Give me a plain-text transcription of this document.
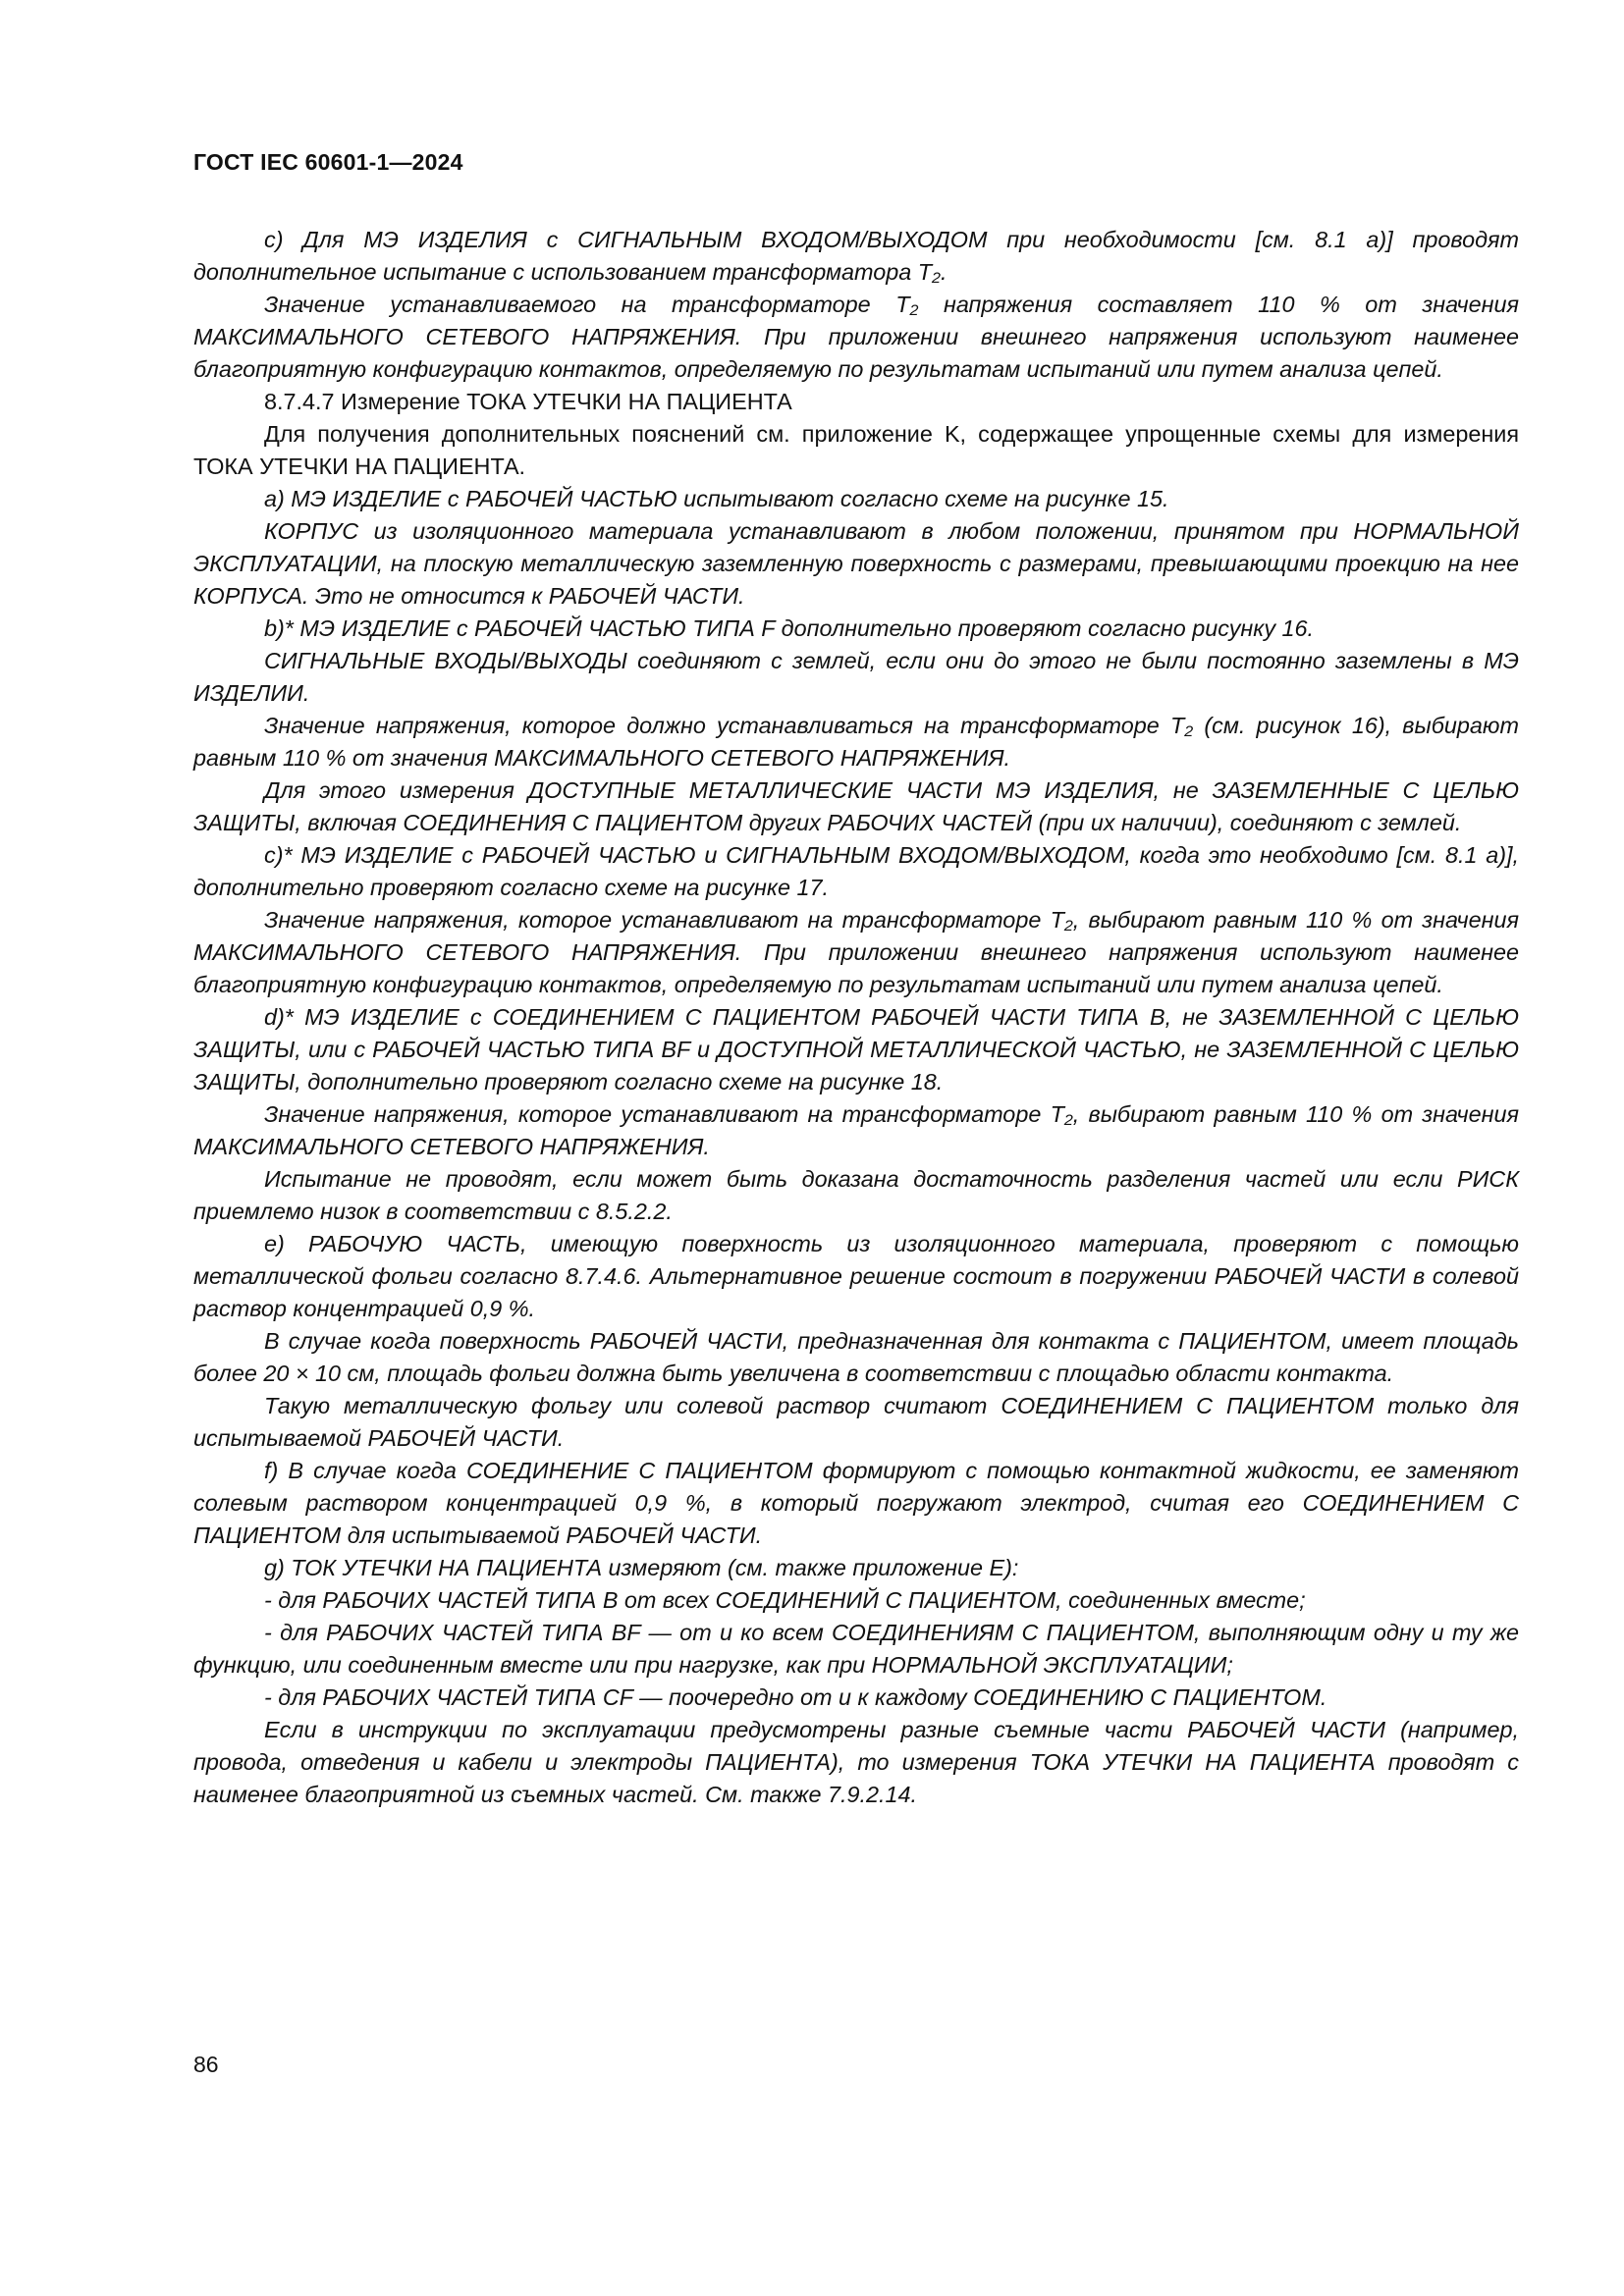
ГОСТ IEC 60601-1—2024

c) Для МЭ ИЗДЕЛИЯ с СИГНАЛЬНЫМ ВХОДОМ/ВЫХОДОМ при необходимости [см. 8.1 a)] проводят дополнительное испытание с использованием трансформатора T₂.

Значение устанавливаемого на трансформаторе T₂ напряжения составляет 110 % от значения МАКСИМАЛЬНОГО СЕТЕВОГО НАПРЯЖЕНИЯ. При приложении внешнего напряжения используют наименее благоприятную конфигурацию контактов, определяемую по результатам испытаний или путем анализа цепей.

8.7.4.7 Измерение ТОКА УТЕЧКИ НА ПАЦИЕНТА

Для получения дополнительных пояснений см. приложение K, содержащее упрощенные схемы для измерения ТОКА УТЕЧКИ НА ПАЦИЕНТА.

a) МЭ ИЗДЕЛИЕ с РАБОЧЕЙ ЧАСТЬЮ испытывают согласно схеме на рисунке 15.

КОРПУС из изоляционного материала устанавливают в любом положении, принятом при НОРМАЛЬНОЙ ЭКСПЛУАТАЦИИ, на плоскую металлическую заземленную поверхность с размерами, превышающими проекцию на нее КОРПУСА. Это не относится к РАБОЧЕЙ ЧАСТИ.

b)* МЭ ИЗДЕЛИЕ с РАБОЧЕЙ ЧАСТЬЮ ТИПА F дополнительно проверяют согласно рисунку 16.

СИГНАЛЬНЫЕ ВХОДЫ/ВЫХОДЫ соединяют с землей, если они до этого не были постоянно заземлены в МЭ ИЗДЕЛИИ.

Значение напряжения, которое должно устанавливаться на трансформаторе T₂ (см. рисунок 16), выбирают равным 110 % от значения МАКСИМАЛЬНОГО СЕТЕВОГО НАПРЯЖЕНИЯ.

Для этого измерения ДОСТУПНЫЕ МЕТАЛЛИЧЕСКИЕ ЧАСТИ МЭ ИЗДЕЛИЯ, не ЗАЗЕМЛЕННЫЕ С ЦЕЛЬЮ ЗАЩИТЫ, включая СОЕДИНЕНИЯ С ПАЦИЕНТОМ других РАБОЧИХ ЧАСТЕЙ (при их наличии), соединяют с землей.

c)* МЭ ИЗДЕЛИЕ с РАБОЧЕЙ ЧАСТЬЮ и СИГНАЛЬНЫМ ВХОДОМ/ВЫХОДОМ, когда это необходимо [см. 8.1 a)], дополнительно проверяют согласно схеме на рисунке 17.

Значение напряжения, которое устанавливают на трансформаторе T₂, выбирают равным 110 % от значения МАКСИМАЛЬНОГО СЕТЕВОГО НАПРЯЖЕНИЯ. При приложении внешнего напряжения используют наименее благоприятную конфигурацию контактов, определяемую по результатам испытаний или путем анализа цепей.

d)* МЭ ИЗДЕЛИЕ с СОЕДИНЕНИЕМ С ПАЦИЕНТОМ РАБОЧЕЙ ЧАСТИ ТИПА B, не ЗАЗЕМЛЕННОЙ С ЦЕЛЬЮ ЗАЩИТЫ, или с РАБОЧЕЙ ЧАСТЬЮ ТИПА BF и ДОСТУПНОЙ МЕТАЛЛИЧЕСКОЙ ЧАСТЬЮ, не ЗАЗЕМЛЕННОЙ С ЦЕЛЬЮ ЗАЩИТЫ, дополнительно проверяют согласно схеме на рисунке 18.

Значение напряжения, которое устанавливают на трансформаторе T₂, выбирают равным 110 % от значения МАКСИМАЛЬНОГО СЕТЕВОГО НАПРЯЖЕНИЯ.

Испытание не проводят, если может быть доказана достаточность разделения частей или если РИСК приемлемо низок в соответствии с 8.5.2.2.

e) РАБОЧУЮ ЧАСТЬ, имеющую поверхность из изоляционного материала, проверяют с помощью металлической фольги согласно 8.7.4.6. Альтернативное решение состоит в погружении РАБОЧЕЙ ЧАСТИ в солевой раствор концентрацией 0,9 %.

В случае когда поверхность РАБОЧЕЙ ЧАСТИ, предназначенная для контакта с ПАЦИЕНТОМ, имеет площадь более 20 × 10 см, площадь фольги должна быть увеличена в соответствии с площадью области контакта.

Такую металлическую фольгу или солевой раствор считают СОЕДИНЕНИЕМ С ПАЦИЕНТОМ только для испытываемой РАБОЧЕЙ ЧАСТИ.

f) В случае когда СОЕДИНЕНИЕ С ПАЦИЕНТОМ формируют с помощью контактной жидкости, ее заменяют солевым раствором концентрацией 0,9 %, в который погружают электрод, считая его СОЕДИНЕНИЕМ С ПАЦИЕНТОМ для испытываемой РАБОЧЕЙ ЧАСТИ.

g) ТОК УТЕЧКИ НА ПАЦИЕНТА измеряют (см. также приложение E):

- для РАБОЧИХ ЧАСТЕЙ ТИПА B от всех СОЕДИНЕНИЙ С ПАЦИЕНТОМ, соединенных вместе;

- для РАБОЧИХ ЧАСТЕЙ ТИПА BF — от и ко всем СОЕДИНЕНИЯМ С ПАЦИЕНТОМ, выполняющим одну и ту же функцию, или соединенным вместе или при нагрузке, как при НОРМАЛЬНОЙ ЭКСПЛУАТАЦИИ;

- для РАБОЧИХ ЧАСТЕЙ ТИПА CF — поочередно от и к каждому СОЕДИНЕНИЮ С ПАЦИЕНТОМ.

Если в инструкции по эксплуатации предусмотрены разные съемные части РАБОЧЕЙ ЧАСТИ (например, провода, отведения и кабели и электроды ПАЦИЕНТА), то измерения ТОКА УТЕЧКИ НА ПАЦИЕНТА проводят с наименее благоприятной из съемных частей. См. также 7.9.2.14.

86
